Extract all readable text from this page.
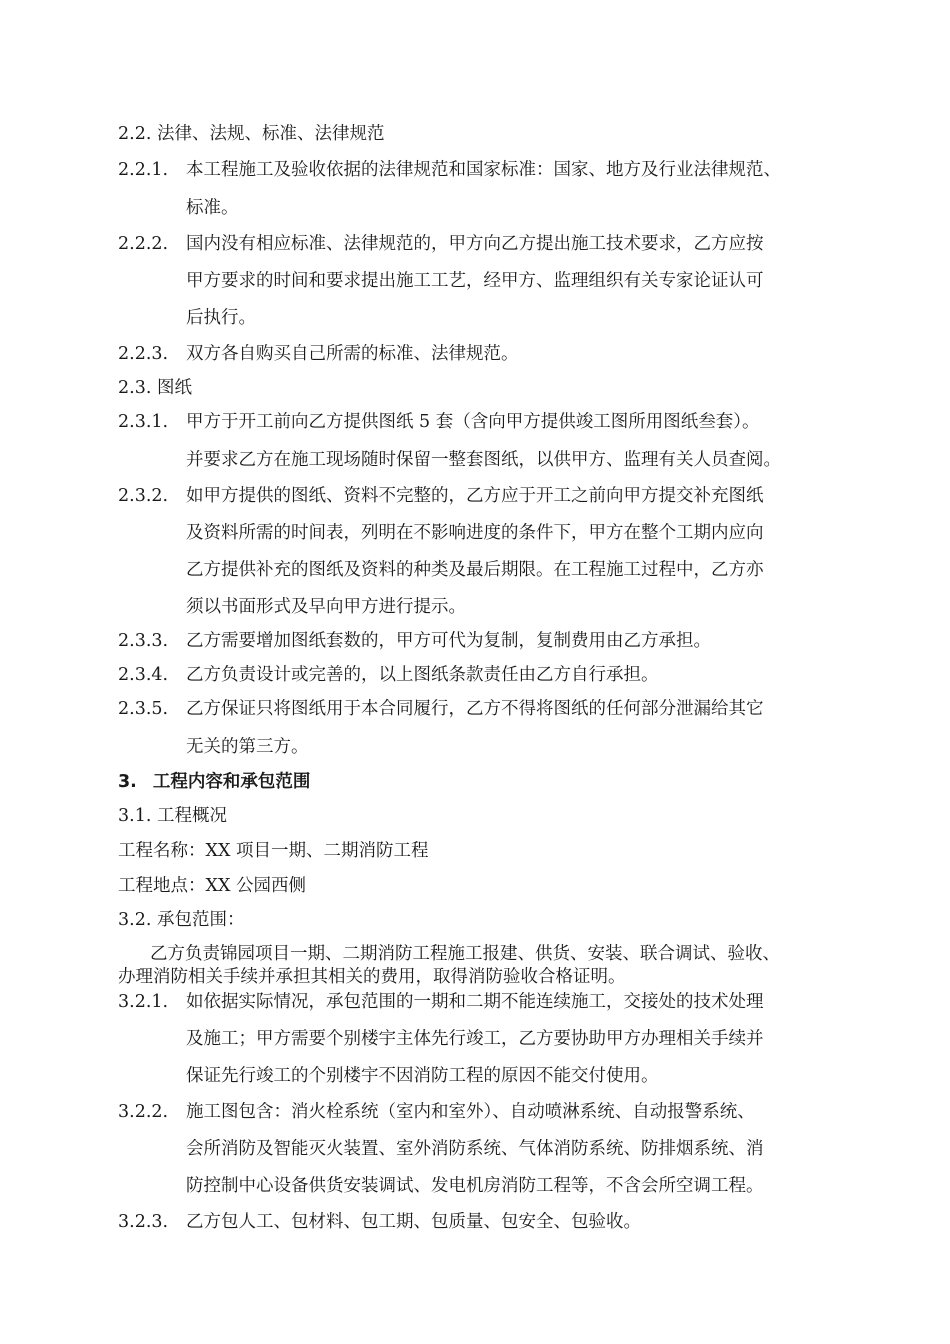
2.2. 法律、法规、标准、法律规范
2.2.1. 本工程施工及验收依据的法律规范和国家标准：国家、地方及行业法律规范、
标准。
2.2.2. 国内没有相应标准、法律规范的，甲方向乙方提出施工技术要求，乙方应按
甲方要求的时间和要求提出施工工艺，经甲方、监理组织有关专家论证认可
后执行。
2.2.3. 双方各自购买自己所需的标准、法律规范。
2.3. 图纸
2.3.1. 甲方于开工前向乙方提供图纸 5 套（含向甲方提供竣工图所用图纸叁套）。
并要求乙方在施工现场随时保留一整套图纸，以供甲方、监理有关人员查阅。
2.3.2. 如甲方提供的图纸、资料不完整的，乙方应于开工之前向甲方提交补充图纸
及资料所需的时间表，列明在不影响进度的条件下，甲方在整个工期内应向
乙方提供补充的图纸及资料的种类及最后期限。在工程施工过程中，乙方亦
须以书面形式及早向甲方进行提示。
2.3.3. 乙方需要增加图纸套数的，甲方可代为复制，复制费用由乙方承担。
2.3.4. 乙方负责设计或完善的，以上图纸条款责任由乙方自行承担。
2.3.5. 乙方保证只将图纸用于本合同履行，乙方不得将图纸的任何部分泄漏给其它
无关的第三方。
3. 工程内容和承包范围
3.1. 工程概况
工程名称：XX 项目一期、二期消防工程
工程地点：XX 公园西侧
3.2. 承包范围：
乙方负责锦园项目一期、二期消防工程施工报建、供货、安装、联合调试、验收、
办理消防相关手续并承担其相关的费用，取得消防验收合格证明。
3.2.1. 如依据实际情况，承包范围的一期和二期不能连续施工，交接处的技术处理
及施工；甲方需要个别楼宇主体先行竣工，乙方要协助甲方办理相关手续并
保证先行竣工的个别楼宇不因消防工程的原因不能交付使用。
3.2.2. 施工图包含：消火栓系统（室内和室外）、自动喷淋系统、自动报警系统、
会所消防及智能灭火装置、室外消防系统、气体消防系统、防排烟系统、消
防控制中心设备供货安装调试、发电机房消防工程等，不含会所空调工程。
3.2.3. 乙方包人工、包材料、包工期、包质量、包安全、包验收。
